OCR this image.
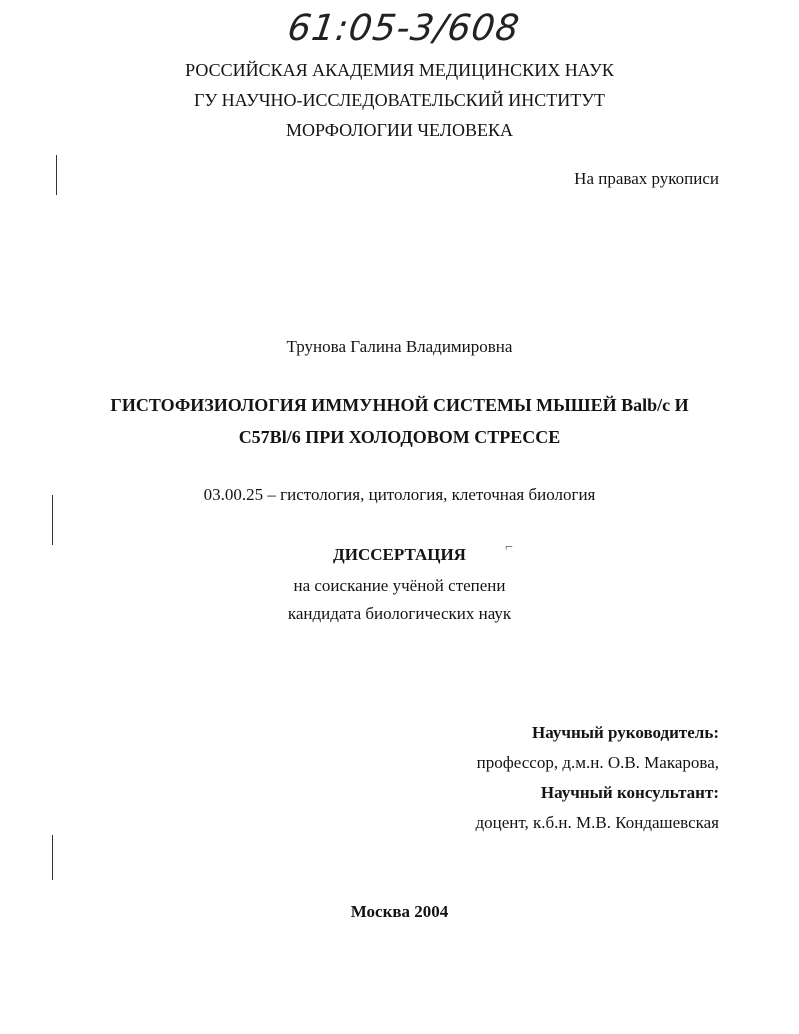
61:05-3/608
РОССИЙСКАЯ АКАДЕМИЯ МЕДИЦИНСКИХ НАУК
ГУ НАУЧНО-ИССЛЕДОВАТЕЛЬСКИЙ ИНСТИТУТ
МОРФОЛОГИИ ЧЕЛОВЕКА
На правах рукописи
Трунова Галина Владимировна
ГИСТОФИЗИОЛОГИЯ ИММУННОЙ СИСТЕМЫ МЫШЕЙ Balb/c И
C57Bl/6 ПРИ ХОЛОДОВОМ СТРЕССЕ
03.00.25 – гистология, цитология, клеточная биология
ДИССЕРТАЦИЯ
на соискание учёной степени
кандидата биологических наук
Научный руководитель:
профессор, д.м.н. О.В. Макарова,
Научный консультант:
доцент, к.б.н. М.В. Кондашевская
Москва 2004
⌐
